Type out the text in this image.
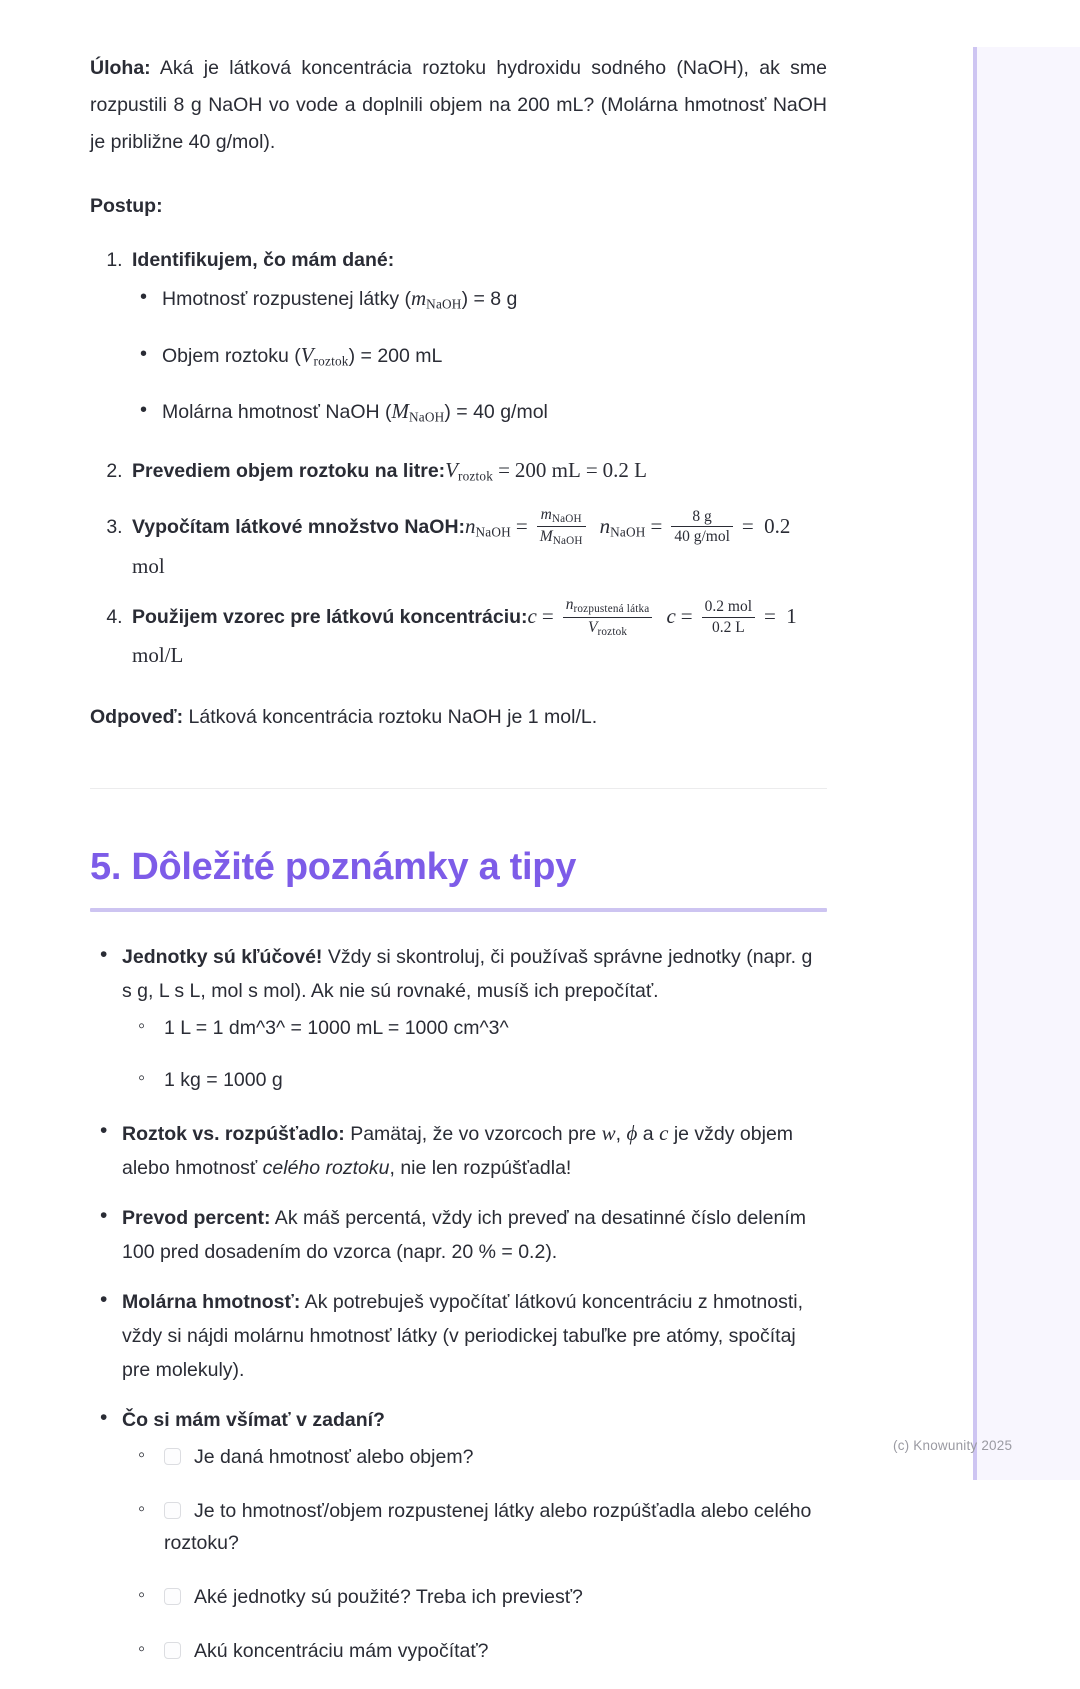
Úloha: Aká je látková koncentrácia roztoku hydroxidu sodného (NaOH), ak sme rozpustili 8 g NaOH vo vode a doplnili objem na 200 mL? (Molárna hmotnosť NaOH je približne 40 g/mol).

Postup:

1. Identifikujem, čo mám dané:
• Hmotnosť rozpustenej látky (mNaOH) = 8 g
• Objem roztoku (Vroztok) = 200 mL
• Molárna hmotnosť NaOH (MNaOH) = 40 g/mol
2. Prevediem objem roztoku na litre:Vroztok = 200 mL = 0.2 L
3. Vypočítam látkové množstvo NaOH:nNaOH = $\frac{\text{mNaOH}}{\text{MNaOH}}$ nNaOH = $\frac{8 g}{\text{40 g/mol}} = 0.2$ mol
4. Použijem vzorec pre látkovú koncentráciu:c = $\frac{\text{nrozpustená látka}}{\text{Vroztok}}$ $c = \frac{\text{0.2 mol}}{0.2 L} = 1$ mol/L

Odpoveď: Látková koncentrácia roztoku NaOH je 1 mol/L.

5. Dôležité poznámky a tipy
• Jednotky sú kľúčové! Vždy si skontroluj, či používaš správne jednotky (napr. g s g, L s L, mol s mol). Ak nie sú rovnaké, musíš ich prepočítať.
◦ 1 L = 1 dm^3^ = 1000 mL = 1000 cm^3^
◦ 1 kg = 1000 g
• Roztok vs. rozpúšťadlo: Pamätaj, že vo vzorcoch pre w, ϕ a c je vždy objem alebo hmotnosť celého roztoku, nie len rozpúšťadla!
• Prevod percent: Ak máš percentá, vždy ich preveď na desatinné číslo delením 100 pred dosadením do vzorca (napr. 20 % = 0.2).
• Molárna hmotnosť: Ak potrebuješ vypočítať látkovú koncentráciu z hmotnosti, vždy si nájdi molárnu hmotnosť látky (v periodickej tabuľke pre atómy, spočítaj pre molekuly).
• Čo si mám všímať v zadaní?
◦ Je daná hmotnosť alebo objem?
◦ Je to hmotnosť/objem rozpustenej látky alebo rozpúšťadla alebo celého roztoku?
◦ Aké jednotky sú použité? Treba ich previesť?
◦ Akú koncentráciu mám vypočítať?
(c) Knowunity 2025
